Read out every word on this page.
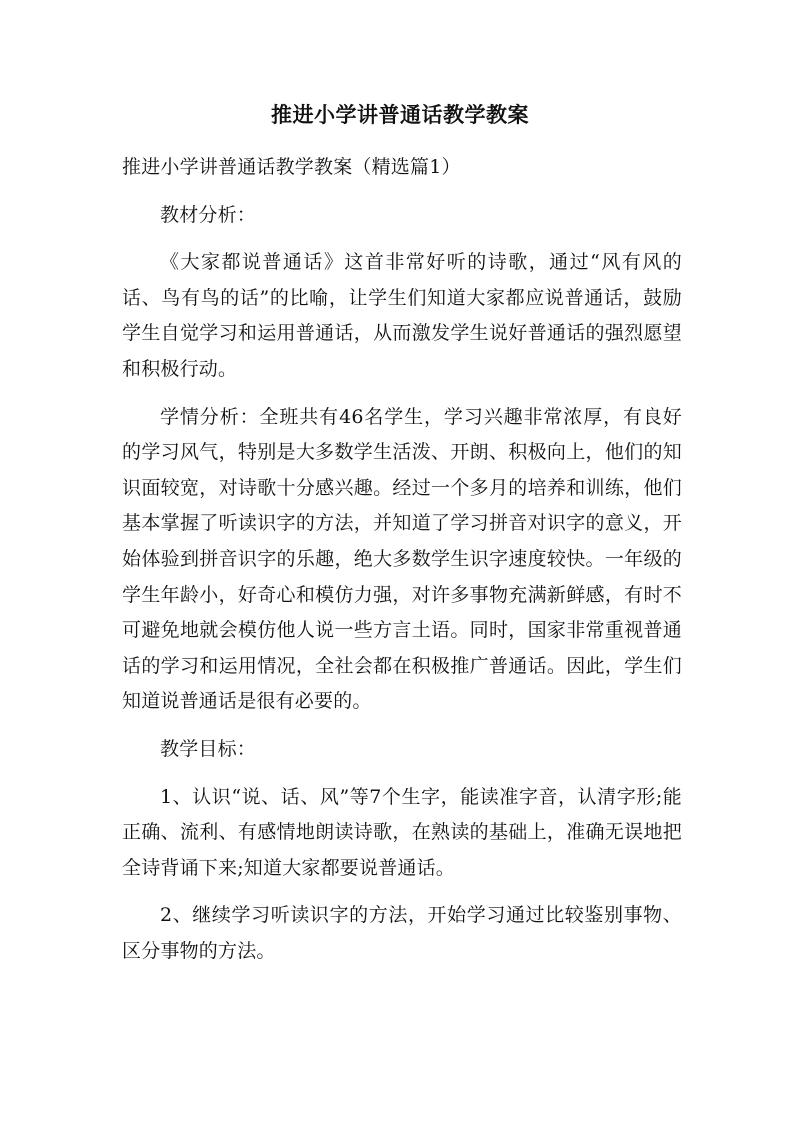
推进小学讲普通话教学教案

推进小学讲普通话教学教案（精选篇1）

教材分析：

《大家都说普通话》这首非常好听的诗歌，通过“风有风的话、鸟有鸟的话”的比喻，让学生们知道大家都应说普通话，鼓励学生自觉学习和运用普通话，从而激发学生说好普通话的强烈愿望和积极行动。

学情分析：全班共有46名学生，学习兴趣非常浓厚，有良好的学习风气，特别是大多数学生活泼、开朗、积极向上，他们的知识面较宽，对诗歌十分感兴趣。经过一个多月的培养和训练，他们基本掌握了听读识字的方法，并知道了学习拼音对识字的意义，开始体验到拼音识字的乐趣，绝大多数学生识字速度较快。一年级的学生年龄小，好奇心和模仿力强，对许多事物充满新鲜感，有时不可避免地就会模仿他人说一些方言土语。同时，国家非常重视普通话的学习和运用情况，全社会都在积极推广普通话。因此，学生们知道说普通话是很有必要的。

教学目标：

1、认识“说、话、风”等7个生字，能读准字音，认清字形;能正确、流利、有感情地朗读诗歌，在熟读的基础上，准确无误地把全诗背诵下来;知道大家都要说普通话。

2、继续学习听读识字的方法，开始学习通过比较鉴别事物、区分事物的方法。
